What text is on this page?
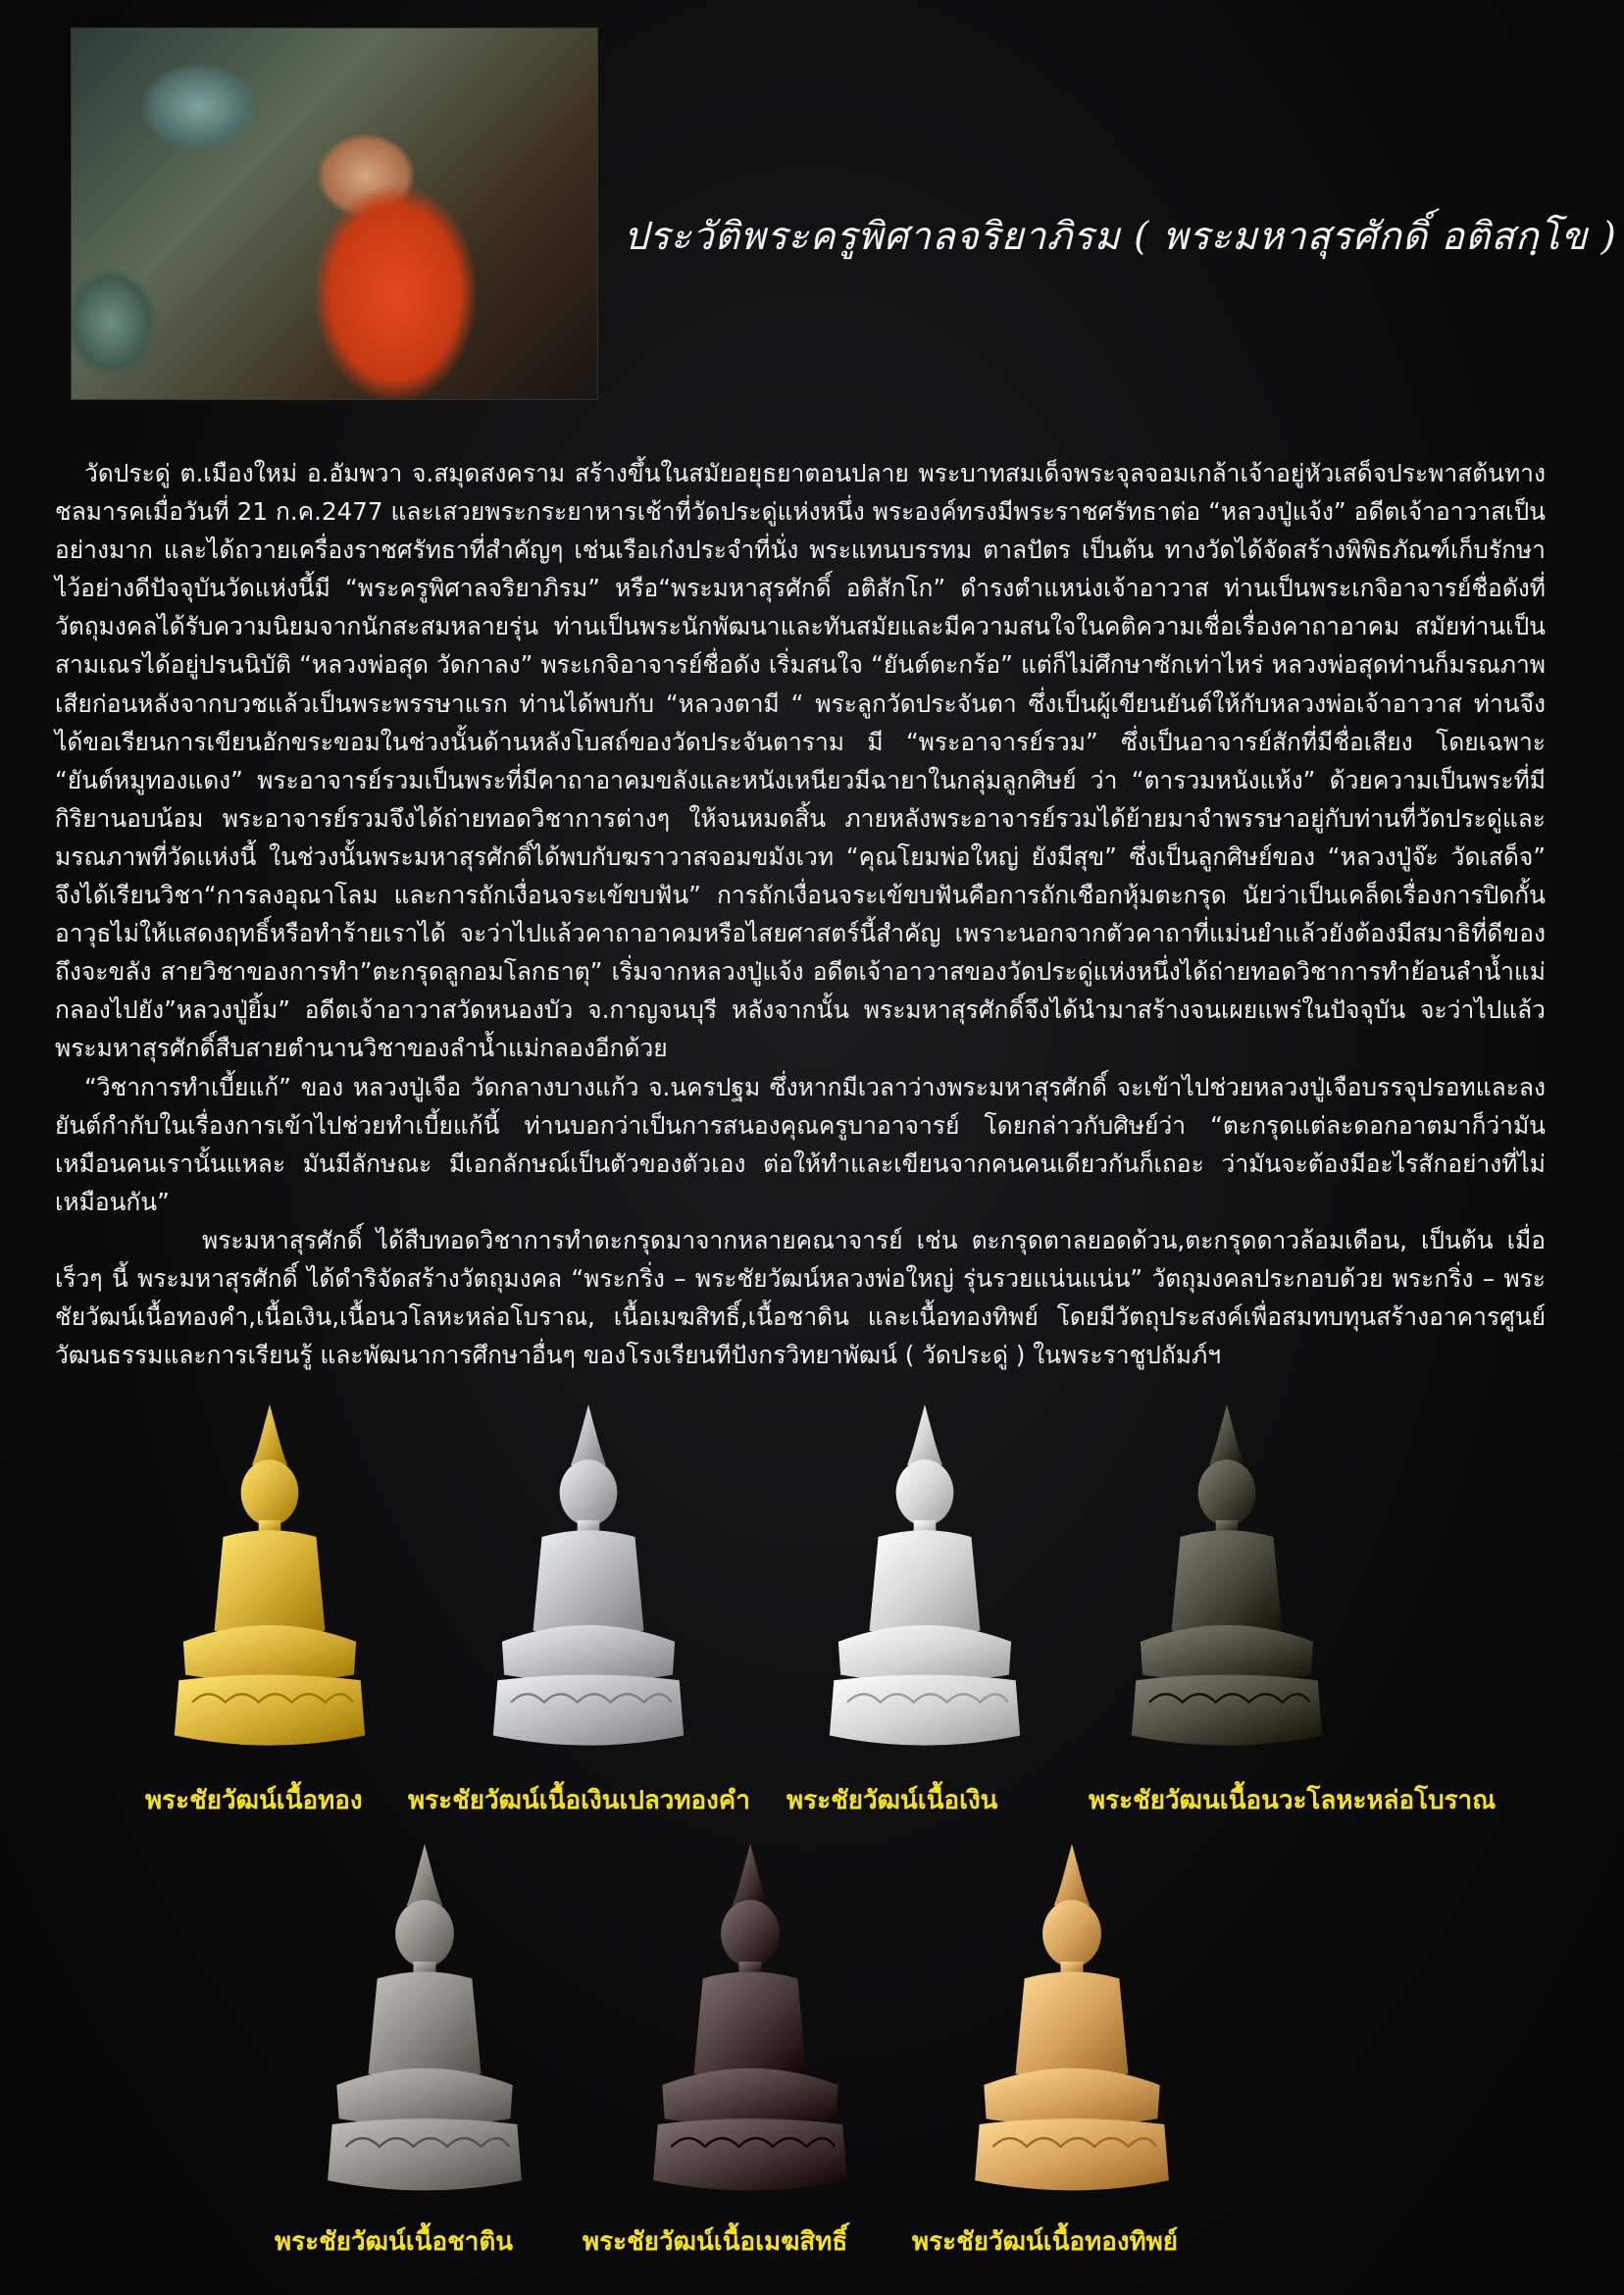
ประวัติพระครูพิศาลจริยาภิรม ( พระมหาสุรศักดิ์ อติสกฺโข )

วัดประดู่ ต.เมืองใหม่ อ.อัมพวา จ.สมุดสงคราม สร้างขึ้นในสมัยอยุธยาตอนปลาย พระบาทสมเด็จพระจุลจอมเกล้าเจ้าอยู่หัวเสด็จประพาสต้นทางชลมารคเมื่อวันที่ 21 ก.ค.2477 และเสวยพระกระยาหารเช้าที่วัดประดู่แห่งหนึ่ง พระองค์ทรงมีพระราชศรัทธาต่อ “หลวงปู่แจ้ง” อดีตเจ้าอาวาสเป็นอย่างมาก และได้ถวายเครื่องราชศรัทธาที่สำคัญๆ เช่นเรือเก๋งประจำที่นั่ง พระแทนบรรทม ตาลปัตร เป็นต้น ทางวัดได้จัดสร้างพิพิธภัณฑ์เก็บรักษาไว้อย่างดีปัจจุบันวัดแห่งนี้มี “พระครูพิศาลจริยาภิรม” หรือ“พระมหาสุรศักดิ์ อติสักโก” ดำรงตำแหน่งเจ้าอาวาส ท่านเป็นพระเกจิอาจารย์ชื่อดังที่วัตถุมงคลได้รับความนิยมจากนักสะสมหลายรุ่น ท่านเป็นพระนักพัฒนาและทันสมัยและมีความสนใจในคติความเชื่อเรื่องคาถาอาคม สมัยท่านเป็นสามเณรได้อยู่ปรนนิบัติ “หลวงพ่อสุด วัดกาลง” พระเกจิอาจารย์ชื่อดัง เริ่มสนใจ “ยันต์ตะกร้อ” แต่ก็ไม่ศึกษาซักเท่าไหร่ หลวงพ่อสุดท่านก็มรณภาพเสียก่อนหลังจากบวชแล้วเป็นพระพรรษาแรก ท่านได้พบกับ “หลวงตามี “ พระลูกวัดประจันตา ซึ่งเป็นผู้เขียนยันต์ให้กับหลวงพ่อเจ้าอาวาส ท่านจึงได้ขอเรียนการเขียนอักขระขอมในช่วงนั้นด้านหลังโบสถ์ของวัดประจันตาราม มี “พระอาจารย์รวม” ซึ่งเป็นอาจารย์สักที่มีชื่อเสียง โดยเฉพาะ “ยันต์หมูทองแดง” พระอาจารย์รวมเป็นพระที่มีคาถาอาคมขลังและหนังเหนียวมีฉายาในกลุ่มลูกศิษย์ ว่า “ตารวมหนังแห้ง” ด้วยความเป็นพระที่มีกิริยานอบน้อม พระอาจารย์รวมจึงได้ถ่ายทอดวิชาการต่างๆ ให้จนหมดสิ้น ภายหลังพระอาจารย์รวมได้ย้ายมาจำพรรษาอยู่กับท่านที่วัดประดู่และมรณภาพที่วัดแห่งนี้ ในช่วงนั้นพระมหาสุรศักดิ์ได้พบกับฆราวาสจอมขมังเวท “คุณโยมพ่อใหญ่ ยังมีสุข” ซึ่งเป็นลูกศิษย์ของ “หลวงปู่จ๊ะ วัดเสด็จ” จึงได้เรียนวิชา“การลงอุณาโลม และการถักเงื่อนจระเข้ขบฟัน” การถักเงื่อนจระเข้ขบฟันคือการถักเชือกหุ้มตะกรุด นัยว่าเป็นเคล็ดเรื่องการปิดกั้นอาวุธไม่ให้แสดงฤทธิ์หรือทำร้ายเราได้ จะว่าไปแล้วคาถาอาคมหรือไสยศาสตร์นี้สำคัญ เพราะนอกจากตัวคาถาที่แม่นยำแล้วยังต้องมีสมาธิที่ดีของถึงจะขลัง สายวิชาของการทำ”ตะกรุดลูกอมโลกธาตุ” เริ่มจากหลวงปู่แจ้ง อดีตเจ้าอาวาสของวัดประดู่แห่งหนึ่งได้ถ่ายทอดวิชาการทำย้อนลำน้ำแม่กลองไปยัง”หลวงปู่ยิ้ม” อดีตเจ้าอาวาสวัดหนองบัว จ.กาญจนบุรี หลังจากนั้น พระมหาสุรศักดิ์จึงได้นำมาสร้างจนเผยแพร่ในปัจจุบัน จะว่าไปแล้วพระมหาสุรศักดิ์สืบสายตำนานวิชาของลำน้ำแม่กลองอีกด้วย

“วิชาการทำเบี้ยแก้” ของ หลวงปู่เจือ วัดกลางบางแก้ว จ.นครปฐม ซึ่งหากมีเวลาว่างพระมหาสุรศักดิ์ จะเข้าไปช่วยหลวงปู่เจือบรรจุปรอทและลงยันต์กำกับในเรื่องการเข้าไปช่วยทำเบี้ยแก้นี้ ท่านบอกว่าเป็นการสนองคุณครูบาอาจารย์ โดยกล่าวกับศิษย์ว่า “ตะกรุดแต่ละดอกอาตมาก็ว่ามันเหมือนคนเรานั้นแหละ มันมีลักษณะ มีเอกลักษณ์เป็นตัวของตัวเอง ต่อให้ทำและเขียนจากคนคนเดียวกันก็เถอะ ว่ามันจะต้องมีอะไรสักอย่างที่ไม่เหมือนกัน”

พระมหาสุรศักดิ์ ได้สืบทอดวิชาการทำตะกรุดมาจากหลายคณาจารย์ เช่น ตะกรุดตาลยอดด้วน,ตะกรุดดาวล้อมเดือน, เป็นต้น เมื่อเร็วๆ นี้ พระมหาสุรศักดิ์ ได้ดำริจัดสร้างวัตถุมงคล “พระกริ่ง – พระชัยวัฒน์หลวงพ่อใหญ่ รุ่นรวยแน่นแน่น” วัตถุมงคลประกอบด้วย พระกริ่ง – พระชัยวัฒน์เนื้อทองคำ,เนื้อเงิน,เนื้อนวโลหะหล่อโบราณ, เนื้อเมฆสิทธิ์,เนื้อชาดิน และเนื้อทองทิพย์ โดยมีวัตถุประสงค์เพื่อสมทบทุนสร้างอาคารศูนย์วัฒนธรรมและการเรียนรู้ และพัฒนาการศึกษาอื่นๆ ของโรงเรียนทีปังกรวิทยาพัฒน์ ( วัดประดู่ ) ในพระราชูปถัมภ์ฯ

พระชัยวัฒน์เนื้อทอง พระชัยวัฒน์เนื้อเงินเปลวทองคำ พระชัยวัฒน์เนื้อเงิน	พระชัยวัฒนเนื้อนวะโลหะหล่อโบราณ
พระชัยวัฒน์เนื้อชาติน	พระชัยวัฒน์เนื้อเมฆสิทธิ์	พระชัยวัฒน์เนื้อทองทิพย์
